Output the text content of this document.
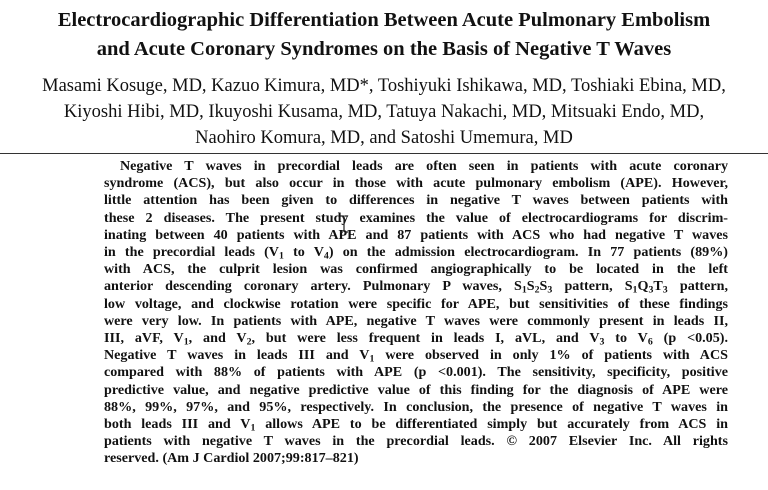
Electrocardiographic Differentiation Between Acute Pulmonary Embolism
and Acute Coronary Syndromes on the Basis of Negative T Waves
Masami Kosuge, MD, Kazuo Kimura, MD*, Toshiyuki Ishikawa, MD, Toshiaki Ebina, MD,
Kiyoshi Hibi, MD, Ikuyoshi Kusama, MD, Tatuya Nakachi, MD, Mitsuaki Endo, MD,
Naohiro Komura, MD, and Satoshi Umemura, MD
Negative T waves in precordial leads are often seen in patients with acute coronary
syndrome (ACS), but also occur in those with acute pulmonary embolism (APE). However,
little attention has been given to differences in negative T waves between patients with
these 2 diseases. The present study examines the value of electrocardiograms for discrim-
inating between 40 patients with APE and 87 patients with ACS who had negative T waves
in the precordial leads ($V_1$ to $V_4$) on the admission electrocardiogram. In 77 patients (89%)
with ACS, the culprit lesion was confirmed angiographically to be located in the left
anterior descending coronary artery. Pulmonary P waves, $S_1S_2S_3$ pattern, $S_1Q_3T_3$ pattern,
low voltage, and clockwise rotation were specific for APE, but sensitivities of these findings
were very low. In patients with APE, negative T waves were commonly present in leads II,
III, aVF, $V_1$, and $V_2$, but were less frequent in leads I, aVL, and $V_3$ to $V_6$ (p <0.05).
Negative T waves in leads III and $V_1$ were observed in only 1% of patients with ACS
compared with 88% of patients with APE (p <0.001). The sensitivity, specificity, positive
predictive value, and negative predictive value of this finding for the diagnosis of APE were
88%, 99%, 97%, and 95%, respectively. In conclusion, the presence of negative T waves in
both leads III and $V_1$ allows APE to be differentiated simply but accurately from ACS in
patients with negative T waves in the precordial leads. © 2007 Elsevier Inc. All rights
reserved. (Am J Cardiol 2007;99:817–821)
